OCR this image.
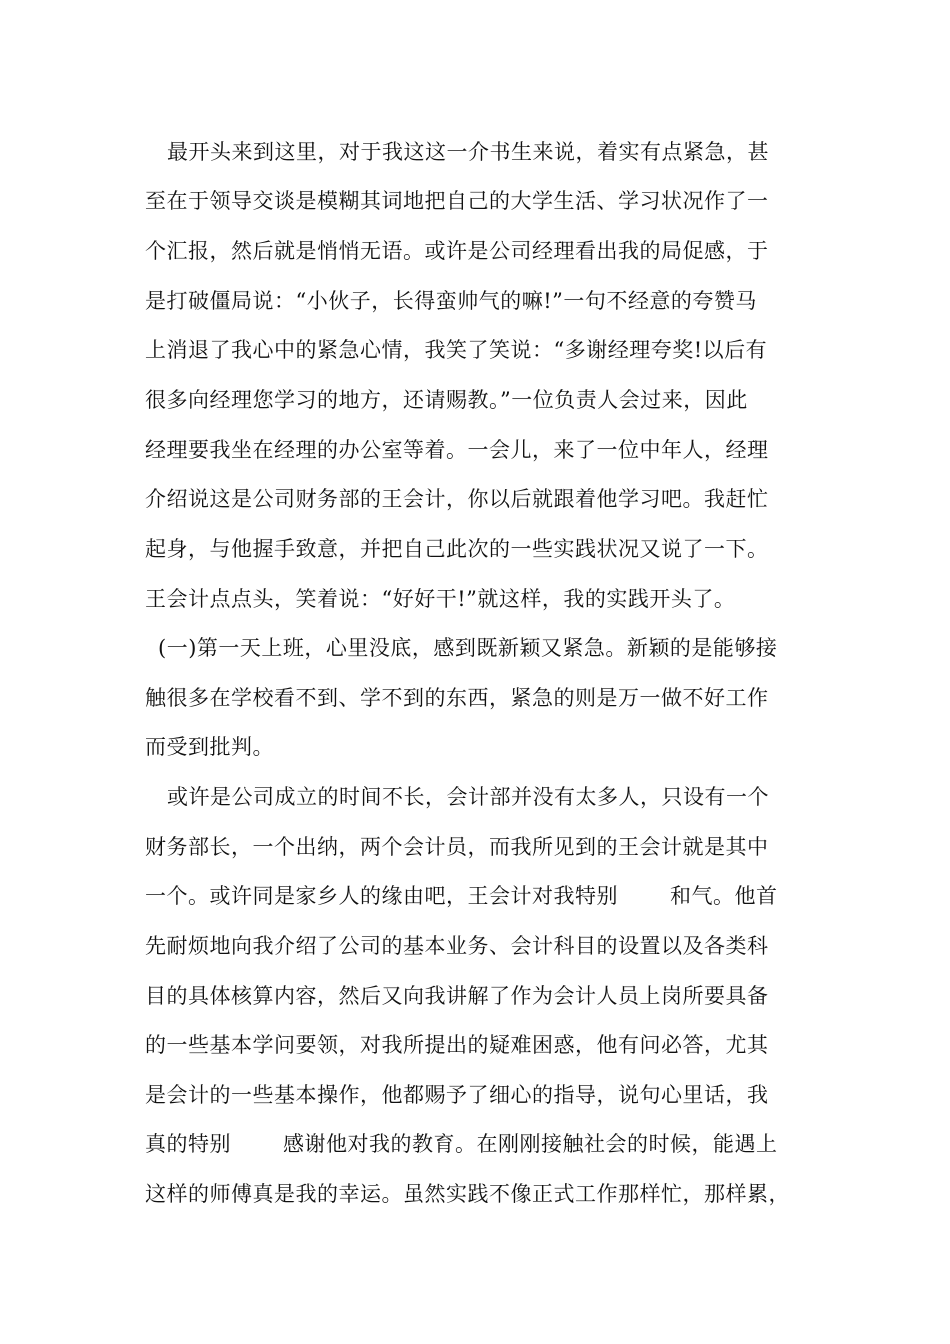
最开头来到这里，对于我这这一介书生来说，着实有点紧急，甚
至在于领导交谈是模糊其词地把自己的大学生活、学习状况作了一
个汇报，然后就是悄悄无语。或许是公司经理看出我的局促感，于
是打破僵局说：“小伙子，长得蛮帅气的嘛!”一句不经意的夸赞马
上消退了我心中的紧急心情，我笑了笑说：“多谢经理夸奖!以后有
很多向经理您学习的地方，还请赐教。”一位负责人会过来，因此
经理要我坐在经理的办公室等着。一会儿，来了一位中年人，经理
介绍说这是公司财务部的王会计，你以后就跟着他学习吧。我赶忙
起身，与他握手致意，并把自己此次的一些实践状况又说了一下。
王会计点点头，笑着说：“好好干!”就这样，我的实践开头了。
(一)第一天上班，心里没底，感到既新颖又紧急。新颖的是能够接
触很多在学校看不到、学不到的东西，紧急的则是万一做不好工作
而受到批判。
或许是公司成立的时间不长，会计部并没有太多人，只设有一个
财务部长，一个出纳，两个会计员，而我所见到的王会计就是其中
一个。或许同是家乡人的缘由吧，王会计对我特别 和气。他首
先耐烦地向我介绍了公司的基本业务、会计科目的设置以及各类科
目的具体核算内容，然后又向我讲解了作为会计人员上岗所要具备
的一些基本学问要领，对我所提出的疑难困惑，他有问必答，尤其
是会计的一些基本操作，他都赐予了细心的指导，说句心里话，我
真的特别 感谢他对我的教育。在刚刚接触社会的时候，能遇上
这样的师傅真是我的幸运。虽然实践不像正式工作那样忙，那样累，
